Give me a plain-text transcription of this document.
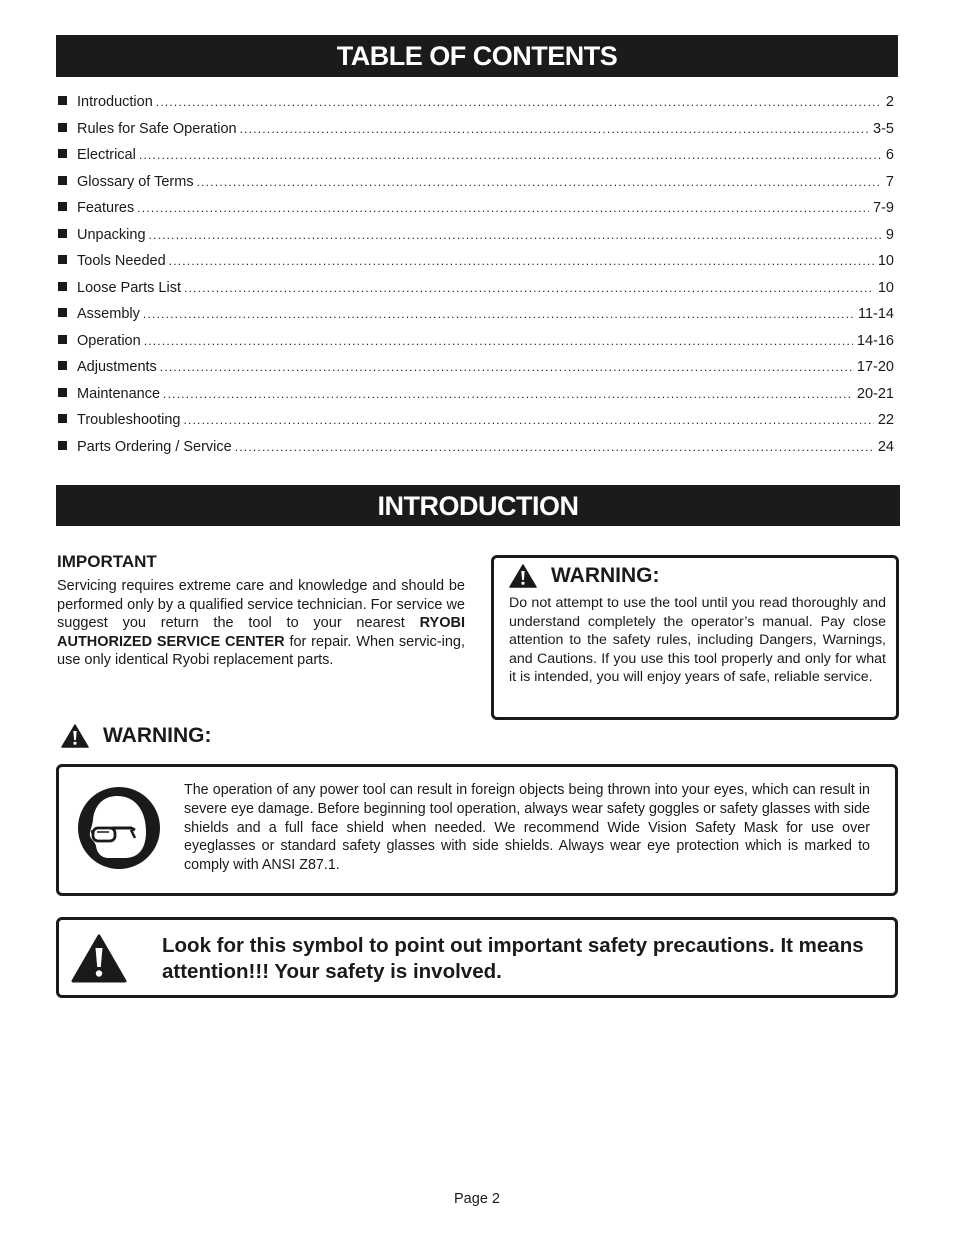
TABLE OF CONTENTS
Introduction .....	2
Rules for Safe Operation .....	3-5
Electrical .....	6
Glossary of Terms .....	7
Features .....	7-9
Unpacking .....	9
Tools Needed .....	10
Loose Parts List .....	10
Assembly .....	11-14
Operation .....	14-16
Adjustments .....	17-20
Maintenance .....	20-21
Troubleshooting .....	22
Parts Ordering / Service .....	24
INTRODUCTION
IMPORTANT

Servicing requires extreme care and knowledge and should be performed only by a qualified service technician. For service we suggest you return the tool to your nearest RYOBI AUTHORIZED SERVICE CENTER for repair. When servic-ing, use only identical Ryobi replacement parts.

WARNING:

Do not attempt to use the tool until you read thoroughly and understand completely the operator’s manual. Pay close attention to the safety rules, including Dangers, Warnings, and Cautions. If you use this tool properly and only for what it is intended, you will enjoy years of safe, reliable service.

WARNING:

The operation of any power tool can result in foreign objects being thrown into your eyes, which can result in severe eye damage. Before beginning tool operation, always wear safety goggles or safety glasses with side shields and a full face shield when needed. We recommend Wide Vision Safety Mask for use over eyeglasses or standard safety glasses with side shields. Always wear eye protection which is marked to comply with ANSI Z87.1.

Look for this symbol to point out important safety precautions. It means attention!!! Your safety is involved.

Page 2
